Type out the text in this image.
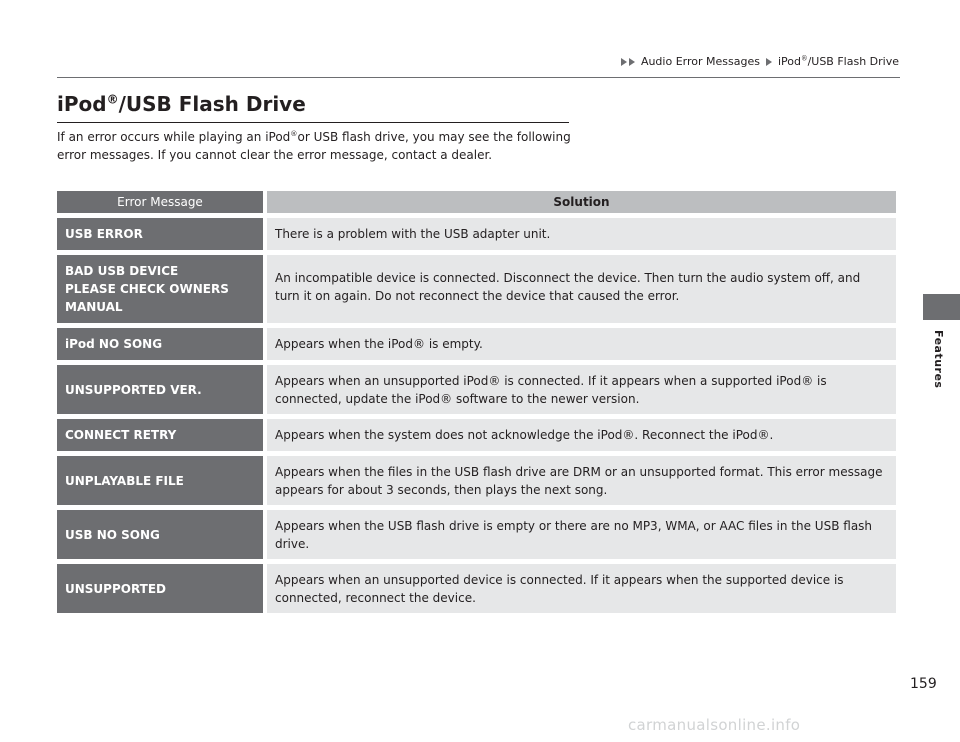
Audio Error Messages iPod®/USB Flash Drive
Features
iPod®/USB Flash Drive

If an error occurs while playing an iPod®or USB flash drive, you may see the following error messages. If you cannot clear the error message, contact a dealer.

Error Message	Solution
USB ERROR	There is a problem with the USB adapter unit.
BAD USB DEVICE
PLEASE CHECK OWNERS
MANUAL	An incompatible device is connected. Disconnect the device. Then turn the audio system off, and turn it on again. Do not reconnect the device that caused the error.
iPod NO SONG	Appears when the iPod® is empty.
UNSUPPORTED VER.	Appears when an unsupported iPod® is connected. If it appears when a supported iPod® is connected, update the iPod® software to the newer version.
CONNECT RETRY	Appears when the system does not acknowledge the iPod®. Reconnect the iPod®.
UNPLAYABLE FILE	Appears when the files in the USB flash drive are DRM or an unsupported format. This error message appears for about 3 seconds, then plays the next song.
USB NO SONG	Appears when the USB flash drive is empty or there are no MP3, WMA, or AAC files in the USB flash drive.
UNSUPPORTED	Appears when an unsupported device is connected. If it appears when the supported device is connected, reconnect the device.
159
carmanualsonline.info
